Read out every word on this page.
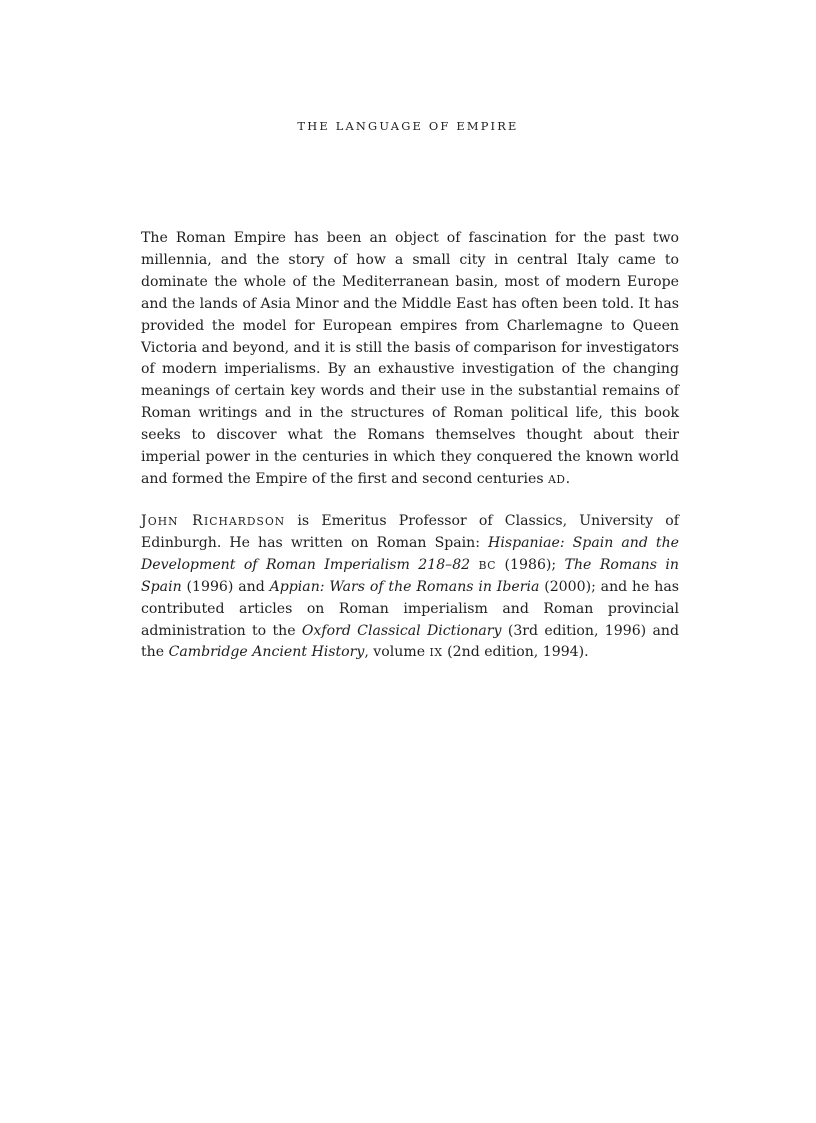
THE LANGUAGE OF EMPIRE

The Roman Empire has been an object of fascination for the past two millennia, and the story of how a small city in central Italy came to dominate the whole of the Mediterranean basin, most of modern Europe and the lands of Asia Minor and the Middle East has often been told. It has provided the model for European empires from Charlemagne to Queen Victoria and beyond, and it is still the basis of comparison for investigators of modern imperialisms. By an exhaustive investigation of the changing meanings of certain key words and their use in the substantial remains of Roman writings and in the structures of Roman political life, this book seeks to discover what the Romans themselves thought about their imperial power in the centuries in which they conquered the known world and formed the Empire of the first and second centuries AD.

JOHN RICHARDSON is Emeritus Professor of Classics, University of Edinburgh. He has written on Roman Spain: Hispaniae: Spain and the Development of Roman Imperialism 218–82 BC (1986); The Romans in Spain (1996) and Appian: Wars of the Romans in Iberia (2000); and he has contributed articles on Roman imperialism and Roman provincial administration to the Oxford Classical Dictionary (3rd edition, 1996) and the Cambridge Ancient History, volume IX (2nd edition, 1994).
